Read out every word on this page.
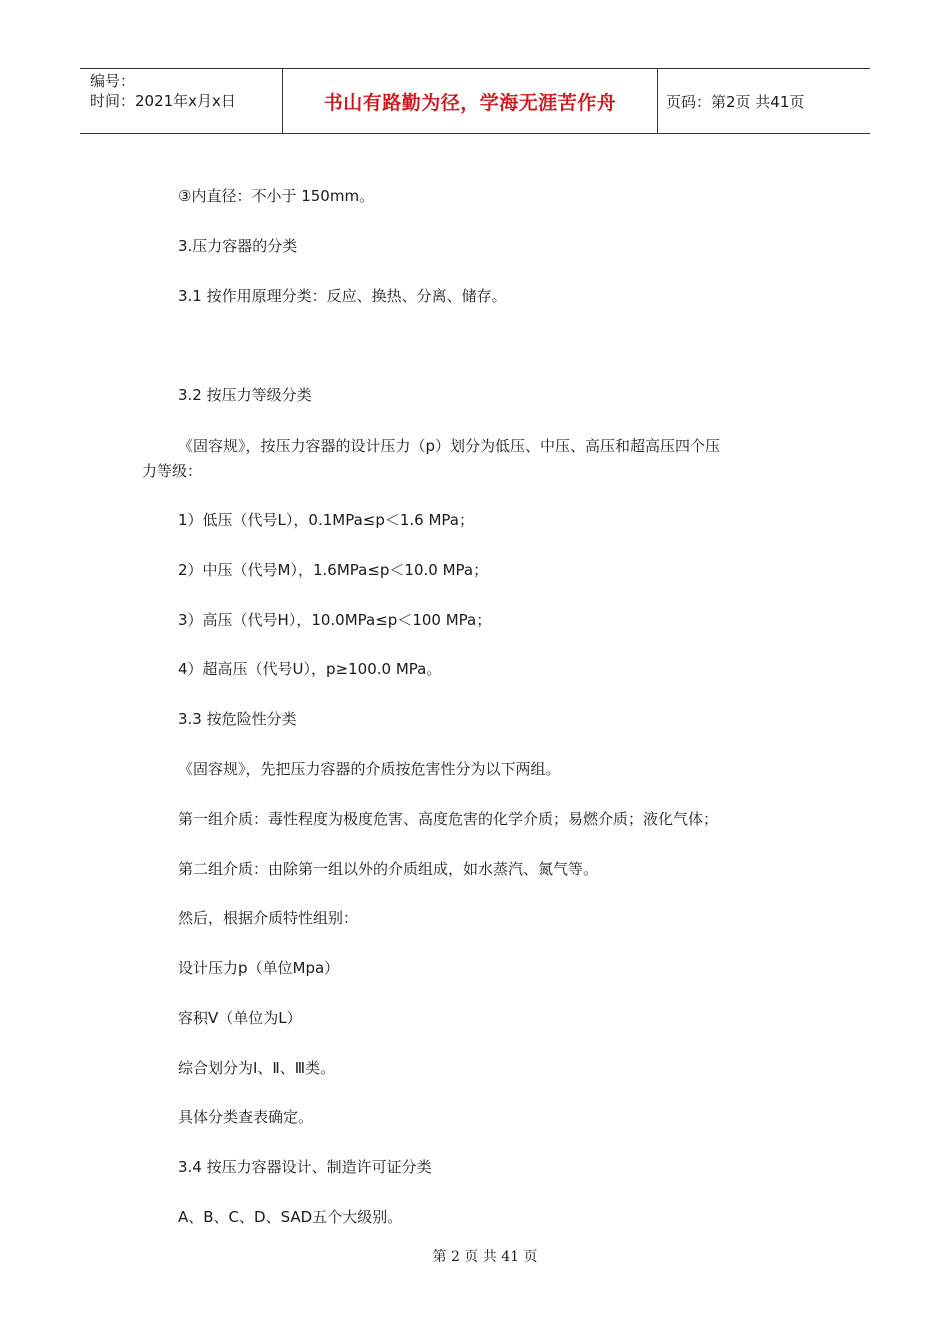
编号：
时间：2021年x月x日	书山有路勤为径，学海无涯苦作舟	页码：第2页 共41页
③内直径：不小于 150mm。
3.压力容器的分类
3.1 按作用原理分类：反应、换热、分离、储存。
3.2 按压力等级分类
《固容规》，按压力容器的设计压力（p）划分为低压、中压、高压和超高压四个压
力等级：
1）低压（代号L），0.1MPa≤p＜1.6 MPa；
2）中压（代号M），1.6MPa≤p＜10.0 MPa；
3）高压（代号H），10.0MPa≤p＜100 MPa；
4）超高压（代号U），p≥100.0 MPa。
3.3 按危险性分类
《固容规》，先把压力容器的介质按危害性分为以下两组。
第一组介质：毒性程度为极度危害、高度危害的化学介质；易燃介质；液化气体；
第二组介质：由除第一组以外的介质组成，如水蒸汽、氮气等。
然后，根据介质特性组别：
设计压力p（单位Mpa）
容积V（单位为L）
综合划分为Ⅰ、Ⅱ、Ⅲ类。
具体分类查表确定。
3.4 按压力容器设计、制造许可证分类
A、B、C、D、SAD五个大级别。
第 2 页 共 41 页
